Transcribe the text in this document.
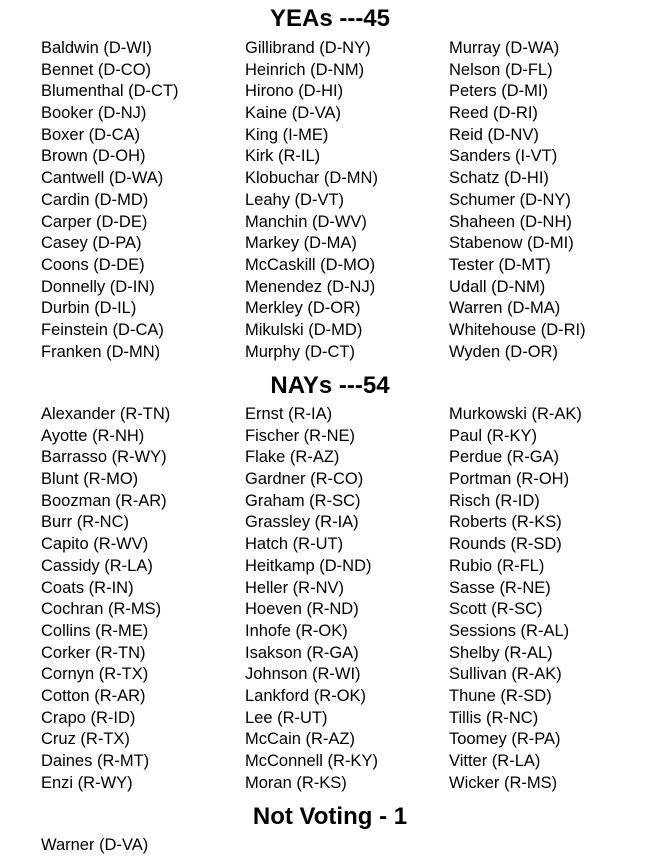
YEAs ---45
Baldwin (D-WI)
Bennet (D-CO)
Blumenthal (D-CT)
Booker (D-NJ)
Boxer (D-CA)
Brown (D-OH)
Cantwell (D-WA)
Cardin (D-MD)
Carper (D-DE)
Casey (D-PA)
Coons (D-DE)
Donnelly (D-IN)
Durbin (D-IL)
Feinstein (D-CA)
Franken (D-MN)
Gillibrand (D-NY)
Heinrich (D-NM)
Hirono (D-HI)
Kaine (D-VA)
King (I-ME)
Kirk (R-IL)
Klobuchar (D-MN)
Leahy (D-VT)
Manchin (D-WV)
Markey (D-MA)
McCaskill (D-MO)
Menendez (D-NJ)
Merkley (D-OR)
Mikulski (D-MD)
Murphy (D-CT)
Murray (D-WA)
Nelson (D-FL)
Peters (D-MI)
Reed (D-RI)
Reid (D-NV)
Sanders (I-VT)
Schatz (D-HI)
Schumer (D-NY)
Shaheen (D-NH)
Stabenow (D-MI)
Tester (D-MT)
Udall (D-NM)
Warren (D-MA)
Whitehouse (D-RI)
Wyden (D-OR)
NAYs ---54
Alexander (R-TN)
Ayotte (R-NH)
Barrasso (R-WY)
Blunt (R-MO)
Boozman (R-AR)
Burr (R-NC)
Capito (R-WV)
Cassidy (R-LA)
Coats (R-IN)
Cochran (R-MS)
Collins (R-ME)
Corker (R-TN)
Cornyn (R-TX)
Cotton (R-AR)
Crapo (R-ID)
Cruz (R-TX)
Daines (R-MT)
Enzi (R-WY)
Ernst (R-IA)
Fischer (R-NE)
Flake (R-AZ)
Gardner (R-CO)
Graham (R-SC)
Grassley (R-IA)
Hatch (R-UT)
Heitkamp (D-ND)
Heller (R-NV)
Hoeven (R-ND)
Inhofe (R-OK)
Isakson (R-GA)
Johnson (R-WI)
Lankford (R-OK)
Lee (R-UT)
McCain (R-AZ)
McConnell (R-KY)
Moran (R-KS)
Murkowski (R-AK)
Paul (R-KY)
Perdue (R-GA)
Portman (R-OH)
Risch (R-ID)
Roberts (R-KS)
Rounds (R-SD)
Rubio (R-FL)
Sasse (R-NE)
Scott (R-SC)
Sessions (R-AL)
Shelby (R-AL)
Sullivan (R-AK)
Thune (R-SD)
Tillis (R-NC)
Toomey (R-PA)
Vitter (R-LA)
Wicker (R-MS)
Not Voting - 1
Warner (D-VA)
